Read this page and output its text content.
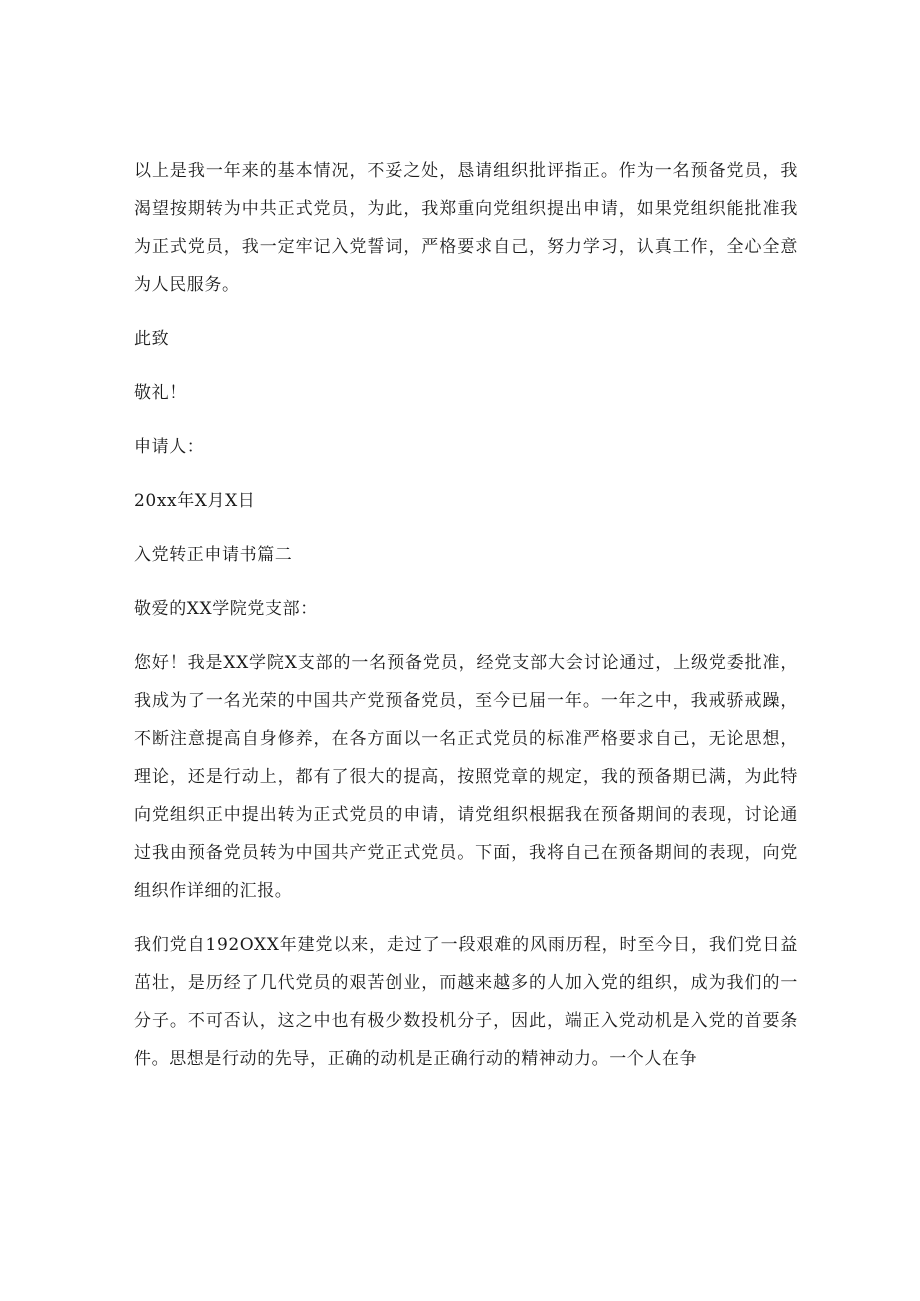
以上是我一年来的基本情况，不妥之处，恳请组织批评指正。作为一名预备党员，我渴望按期转为中共正式党员，为此，我郑重向党组织提出申请，如果党组织能批准我为正式党员，我一定牢记入党誓词，严格要求自己，努力学习，认真工作，全心全意为人民服务。

此致

敬礼！

申请人：

20xx年X月X日

入党转正申请书篇二

敬爱的XX学院党支部：

您好！我是XX学院X支部的一名预备党员，经党支部大会讨论通过，上级党委批准，我成为了一名光荣的中国共产党预备党员，至今已届一年。一年之中，我戒骄戒躁，不断注意提高自身修养，在各方面以一名正式党员的标准严格要求自己，无论思想，理论，还是行动上，都有了很大的提高，按照党章的规定，我的预备期已满，为此特向党组织正中提出转为正式党员的申请，请党组织根据我在预备期间的表现，讨论通过我由预备党员转为中国共产党正式党员。下面，我将自己在预备期间的表现，向党组织作详细的汇报。

我们党自192OXX年建党以来，走过了一段艰难的风雨历程，时至今日，我们党日益茁壮，是历经了几代党员的艰苦创业，而越来越多的人加入党的组织，成为我们的一分子。不可否认，这之中也有极少数投机分子，因此，端正入党动机是入党的首要条件。思想是行动的先导，正确的动机是正确行动的精神动力。一个人在争
